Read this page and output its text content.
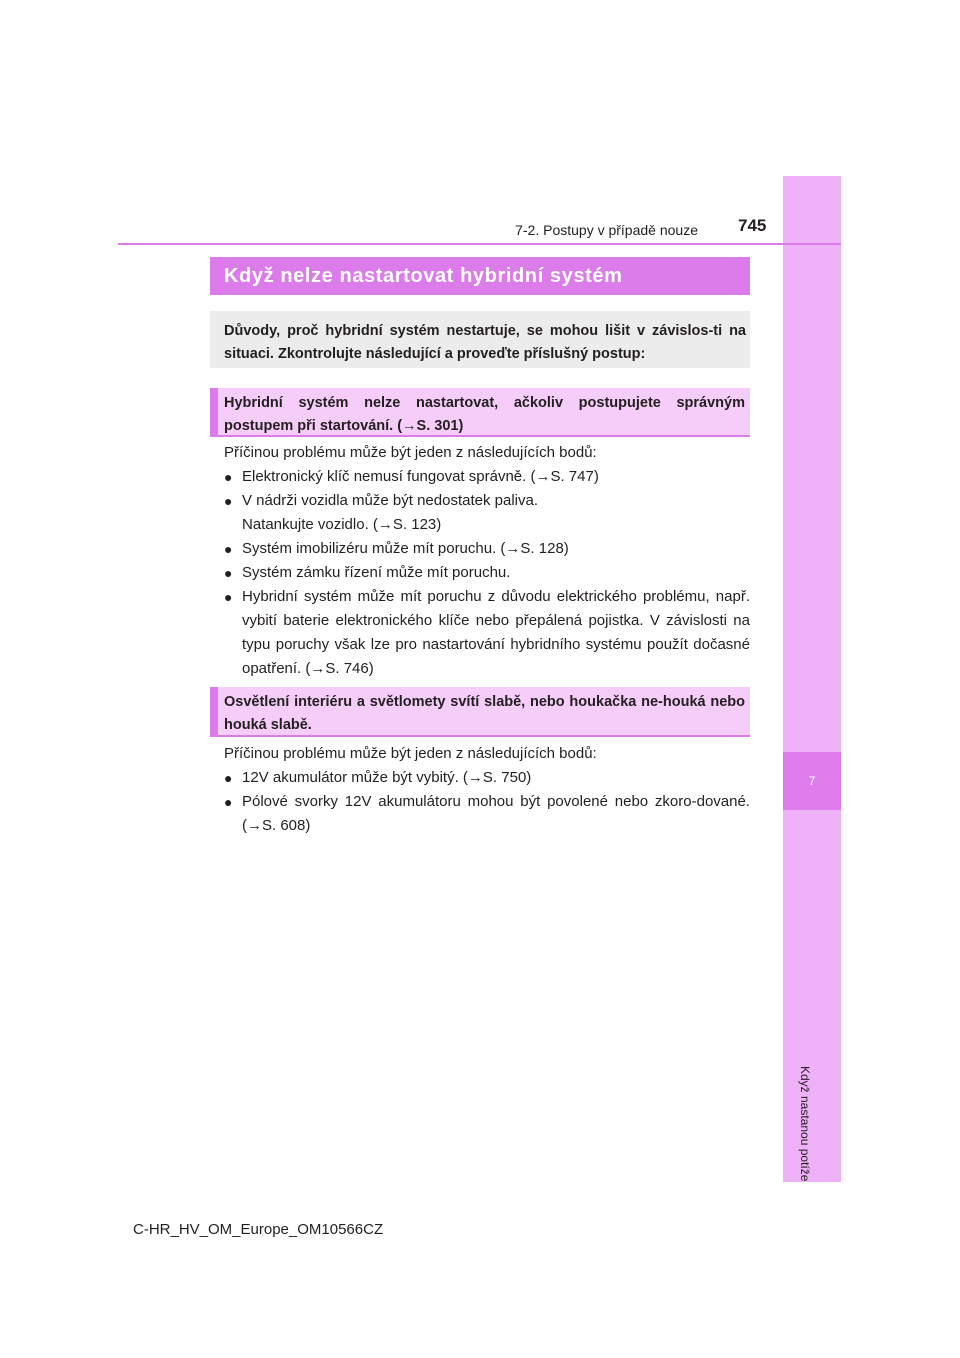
7
Když nastanou potíže
7-2. Postupy v případě nouze 745
Když nelze nastartovat hybridní systém
Důvody, proč hybridní systém nestartuje, se mohou lišit v závislos-ti na situaci. Zkontrolujte následující a proveďte příslušný postup:
Hybridní systém nelze nastartovat, ačkoliv postupujete správným postupem při startování. (→S. 301)
Příčinou problému může být jeden z následujících bodů:
● Elektronický klíč nemusí fungovat správně. (→S. 747)
● V nádrži vozidla může být nedostatek paliva.
Natankujte vozidlo. (→S. 123)
● Systém imobilizéru může mít poruchu. (→S. 128)
● Systém zámku řízení může mít poruchu.
● Hybridní systém může mít poruchu z důvodu elektrického problému, např. vybití baterie elektronického klíče nebo přepálená pojistka. V závislosti na typu poruchy však lze pro nastartování hybridního systému použít dočasné opatření. (→S. 746)
Osvětlení interiéru a světlomety svítí slabě, nebo houkačka ne-houká nebo houká slabě.
Příčinou problému může být jeden z následujících bodů:
● 12V akumulátor může být vybitý. (→S. 750)
● Pólové svorky 12V akumulátoru mohou být povolené nebo zkoro-dované. (→S. 608)
C-HR_HV_OM_Europe_OM10566CZ
